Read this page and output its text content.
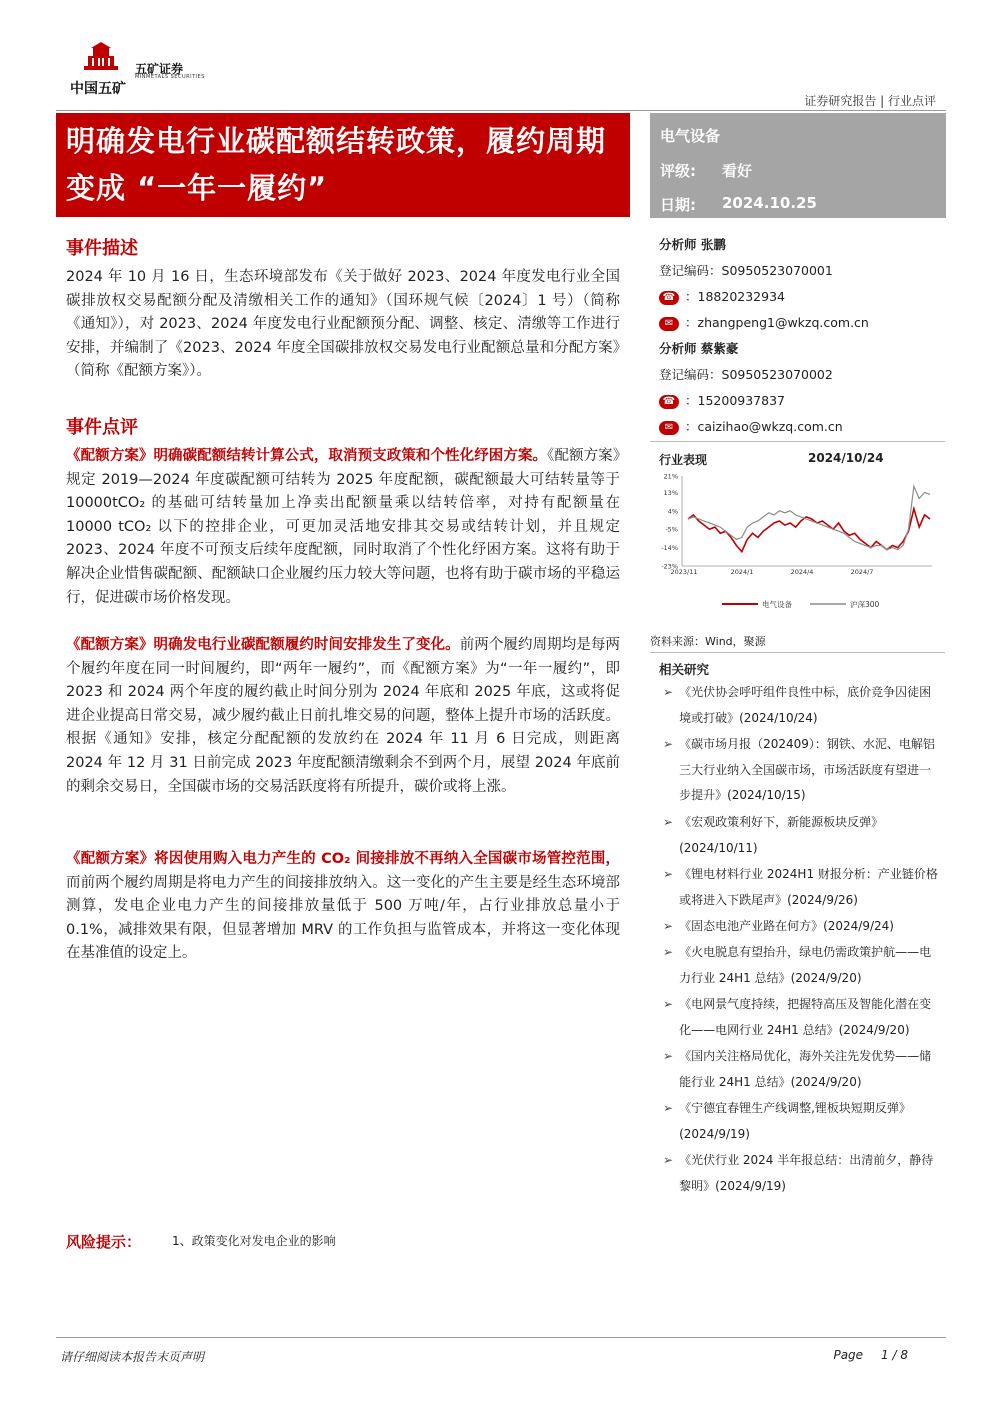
中国五矿
五矿证券
MINMETALS SECURITIES
证券研究报告 | 行业点评
明确发电行业碳配额结转政策，履约周期变成 “一年一履约”
电气设备
评级: 看好
日期: 2024.10.25
事件描述
2024 年 10 月 16 日，生态环境部发布《关于做好 2023、2024 年度发电行业全国碳排放权交易配额分配及清缴相关工作的通知》（国环规气候〔2024〕1 号）（简称《通知》），对 2023、2024 年度发电行业配额预分配、调整、核定、清缴等工作进行安排，并编制了《2023、2024 年度全国碳排放权交易发电行业配额总量和分配方案》（简称《配额方案》）。
事件点评
《配额方案》明确碳配额结转计算公式，取消预支政策和个性化纾困方案。《配额方案》规定 2019—2024 年度碳配额可结转为 2025 年度配额，碳配额最大可结转量等于 10000tCO₂ 的基础可结转量加上净卖出配额量乘以结转倍率，对持有配额量在 10000 tCO₂ 以下的控排企业，可更加灵活地安排其交易或结转计划，并且规定 2023、2024 年度不可预支后续年度配额，同时取消了个性化纾困方案。这将有助于解决企业惜售碳配额、配额缺口企业履约压力较大等问题，也将有助于碳市场的平稳运行，促进碳市场价格发现。
《配额方案》明确发电行业碳配额履约时间安排发生了变化。前两个履约周期均是每两个履约年度在同一时间履约，即“两年一履约”，而《配额方案》为“一年一履约”，即 2023 和 2024 两个年度的履约截止时间分别为 2024 年底和 2025 年底，这或将促进企业提高日常交易，减少履约截止日前扎堆交易的问题，整体上提升市场的活跃度。根据《通知》安排，核定分配配额的发放约在 2024 年 11 月 6 日完成，则距离 2024 年 12 月 31 日前完成 2023 年度配额清缴剩余不到两个月，展望 2024 年底前的剩余交易日，全国碳市场的交易活跃度将有所提升，碳价或将上涨。
《配额方案》将因使用购入电力产生的 CO₂ 间接排放不再纳入全国碳市场管控范围，而前两个履约周期是将电力产生的间接排放纳入。这一变化的产生主要是经生态环境部测算，发电企业电力产生的间接排放量低于 500 万吨/年，占行业排放总量小于 0.1%，减排效果有限，但显著增加 MRV 的工作负担与监管成本，并将这一变化体现在基准值的设定上。
分析师 张鹏
登记编码：S0950523070001
☎ ：18820232934
✉ ：zhangpeng1@wkzq.com.cn
分析师 蔡紫豪
登记编码：S0950523070002
☎ ：15200937837
✉ ：caizihao@wkzq.com.cn
行业表现	2024/10/24
21%
13%
4%
-5%
-14%
-23%
2023/11	2024/1	2024/4	2024/7
电气设备	沪深300
资料来源：Wind，聚源
相关研究
➢ 《光伏协会呼吁组件良性中标，底价竞争囚徒困境或打破》(2024/10/24)
➢ 《碳市场月报（202409）：钢铁、水泥、电解铝三大行业纳入全国碳市场，市场活跃度有望进一步提升》(2024/10/15)
➢ 《宏观政策利好下，新能源板块反弹》(2024/10/11)
➢ 《锂电材料行业 2024H1 财报分析：产业链价格或将进入下跌尾声》(2024/9/26)
➢ 《固态电池产业路在何方》(2024/9/24)
➢ 《火电脱息有望抬升，绿电仍需政策护航——电力行业 24H1 总结》(2024/9/20)
➢ 《电网景气度持续，把握特高压及智能化潜在变化——电网行业 24H1 总结》(2024/9/20)
➢ 《国内关注格局优化，海外关注先发优势——储能行业 24H1 总结》(2024/9/20)
➢ 《宁德宜春锂生产线调整,锂板块短期反弹》(2024/9/19)
➢ 《光伏行业 2024 半年报总结：出清前夕，静待黎明》(2024/9/19)
风险提示：	1、政策变化对发电企业的影响
请仔细阅读本报告末页声明	Page 1 / 8
